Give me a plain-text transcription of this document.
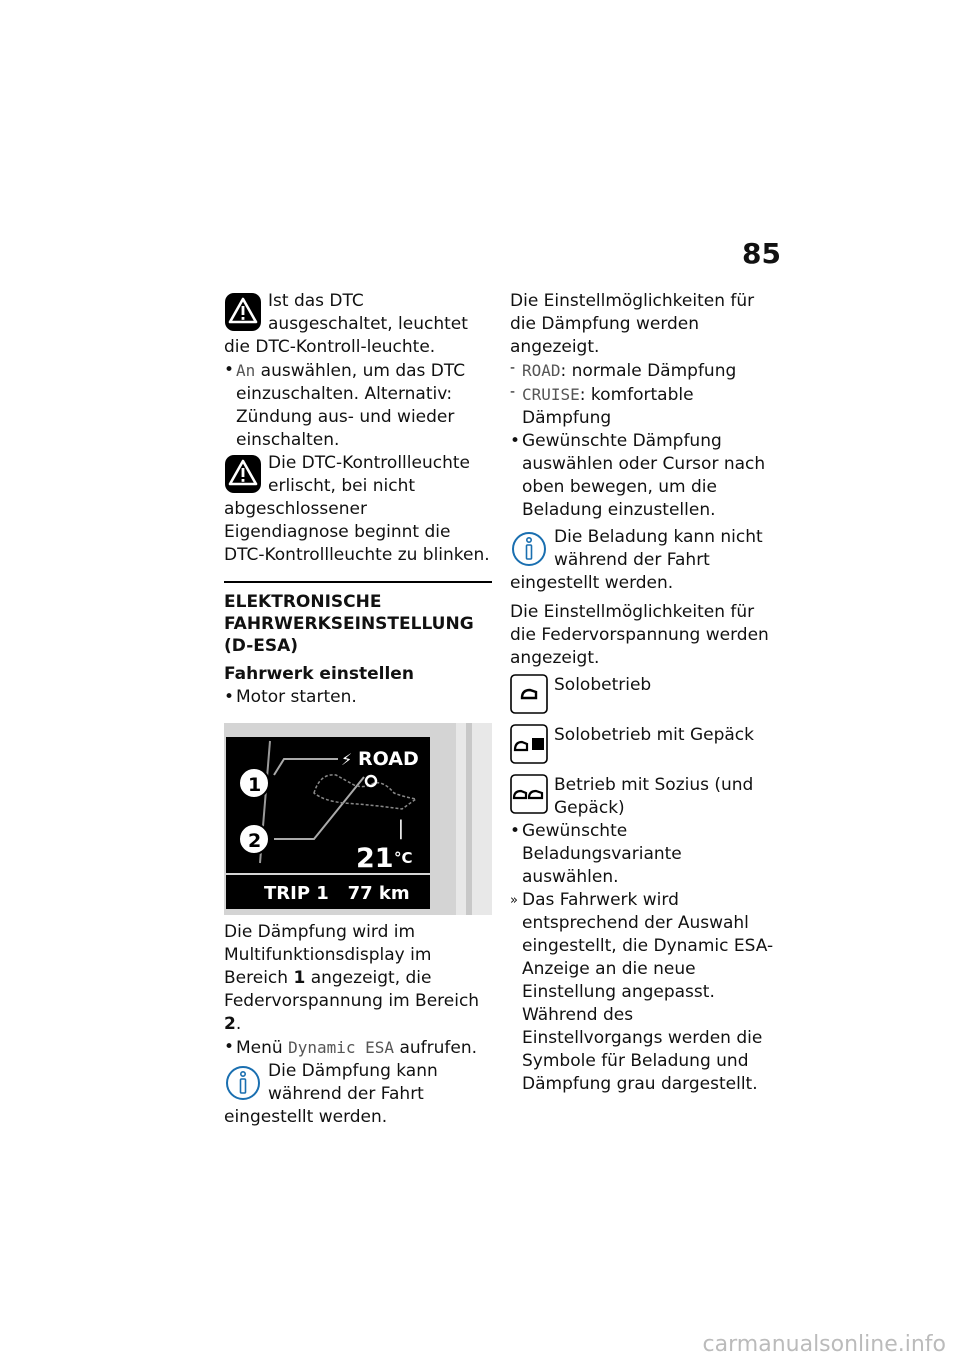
85

Ist das DTC ausgeschaltet, leuchtet die DTC-Kontroll-leuchte.

• An auswählen, um das DTC einzuschalten. Alternativ: Zündung aus- und wieder einschalten.

Die DTC-Kontrollleuchte erlischt, bei nicht abgeschlossener Eigendiagnose beginnt die DTC-Kontrollleuchte zu blinken.

ELEKTRONISCHE FAHRWERKSEINSTELLUNG (D-ESA)
Fahrwerk einstellen
• Motor starten.
⚡ ROAD
∣
21 °C
TRIP 1   77 km
1
2

Die Dämpfung wird im Multifunktionsdisplay im Bereich 1 angezeigt, die Federvorspannung im Bereich 2.

• Menü Dynamic ESA aufrufen.

Die Dämpfung kann während der Fahrt eingestellt werden.

Die Einstellmöglichkeiten für die Dämpfung werden angezeigt.

- ROAD: normale Dämpfung
- CRUISE: komfortable Dämpfung
• Gewünschte Dämpfung auswählen oder Cursor nach oben bewegen, um die Beladung einzustellen.

Die Beladung kann nicht während der Fahrt eingestellt werden.

Die Einstellmöglichkeiten für die Federvorspannung werden angezeigt.

Solobetrieb

Solobetrieb mit Gepäck

Betrieb mit Sozius (und Gepäck)

• Gewünschte Beladungsvariante auswählen.
» Das Fahrwerk wird entsprechend der Auswahl eingestellt, die Dynamic ESA-Anzeige an die neue Einstellung angepasst. Während des Einstellvorgangs werden die Symbole für Beladung und Dämpfung grau dargestellt.
carmanualsonline.info
